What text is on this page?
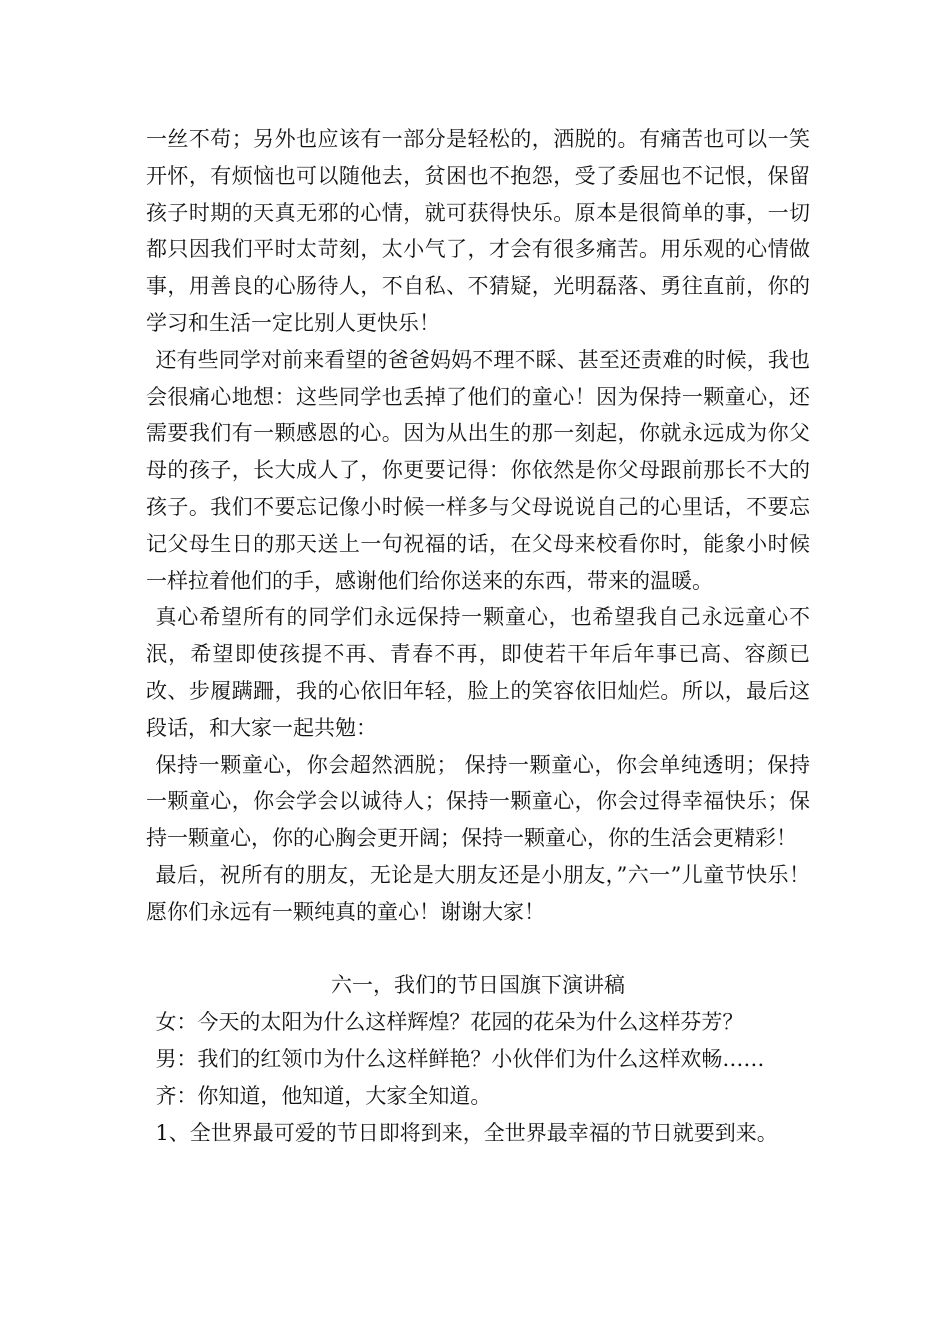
一丝不苟；另外也应该有一部分是轻松的，洒脱的。有痛苦也可以一笑开怀，有烦恼也可以随他去，贫困也不抱怨，受了委屈也不记恨，保留孩子时期的天真无邪的心情，就可获得快乐。原本是很简单的事，一切都只因我们平时太苛刻，太小气了，才会有很多痛苦。用乐观的心情做事，用善良的心肠待人，不自私、不猜疑，光明磊落、勇往直前，你的学习和生活一定比别人更快乐！

还有些同学对前来看望的爸爸妈妈不理不睬、甚至还责难的时候，我也会很痛心地想：这些同学也丢掉了他们的童心！因为保持一颗童心，还需要我们有一颗感恩的心。因为从出生的那一刻起，你就永远成为你父母的孩子，长大成人了，你更要记得：你依然是你父母跟前那长不大的孩子。我们不要忘记像小时候一样多与父母说说自己的心里话，不要忘记父母生日的那天送上一句祝福的话，在父母来校看你时，能象小时候一样拉着他们的手，感谢他们给你送来的东西，带来的温暖。

真心希望所有的同学们永远保持一颗童心，也希望我自己永远童心不泯，希望即使孩提不再、青春不再，即使若干年后年事已高、容颜已改、步履蹒跚，我的心依旧年轻，脸上的笑容依旧灿烂。所以，最后这段话，和大家一起共勉：

保持一颗童心，你会超然洒脱； 保持一颗童心，你会单纯透明；保持一颗童心，你会学会以诚待人；保持一颗童心，你会过得幸福快乐；保持一颗童心，你的心胸会更开阔；保持一颗童心，你的生活会更精彩！

最后，祝所有的朋友，无论是大朋友还是小朋友，”六一”儿童节快乐！愿你们永远有一颗纯真的童心！谢谢大家！

六一，我们的节日国旗下演讲稿

女：今天的太阳为什么这样辉煌？花园的花朵为什么这样芬芳？

男：我们的红领巾为什么这样鲜艳？小伙伴们为什么这样欢畅……

齐：你知道，他知道，大家全知道。

1、全世界最可爱的节日即将到来，全世界最幸福的节日就要到来。
